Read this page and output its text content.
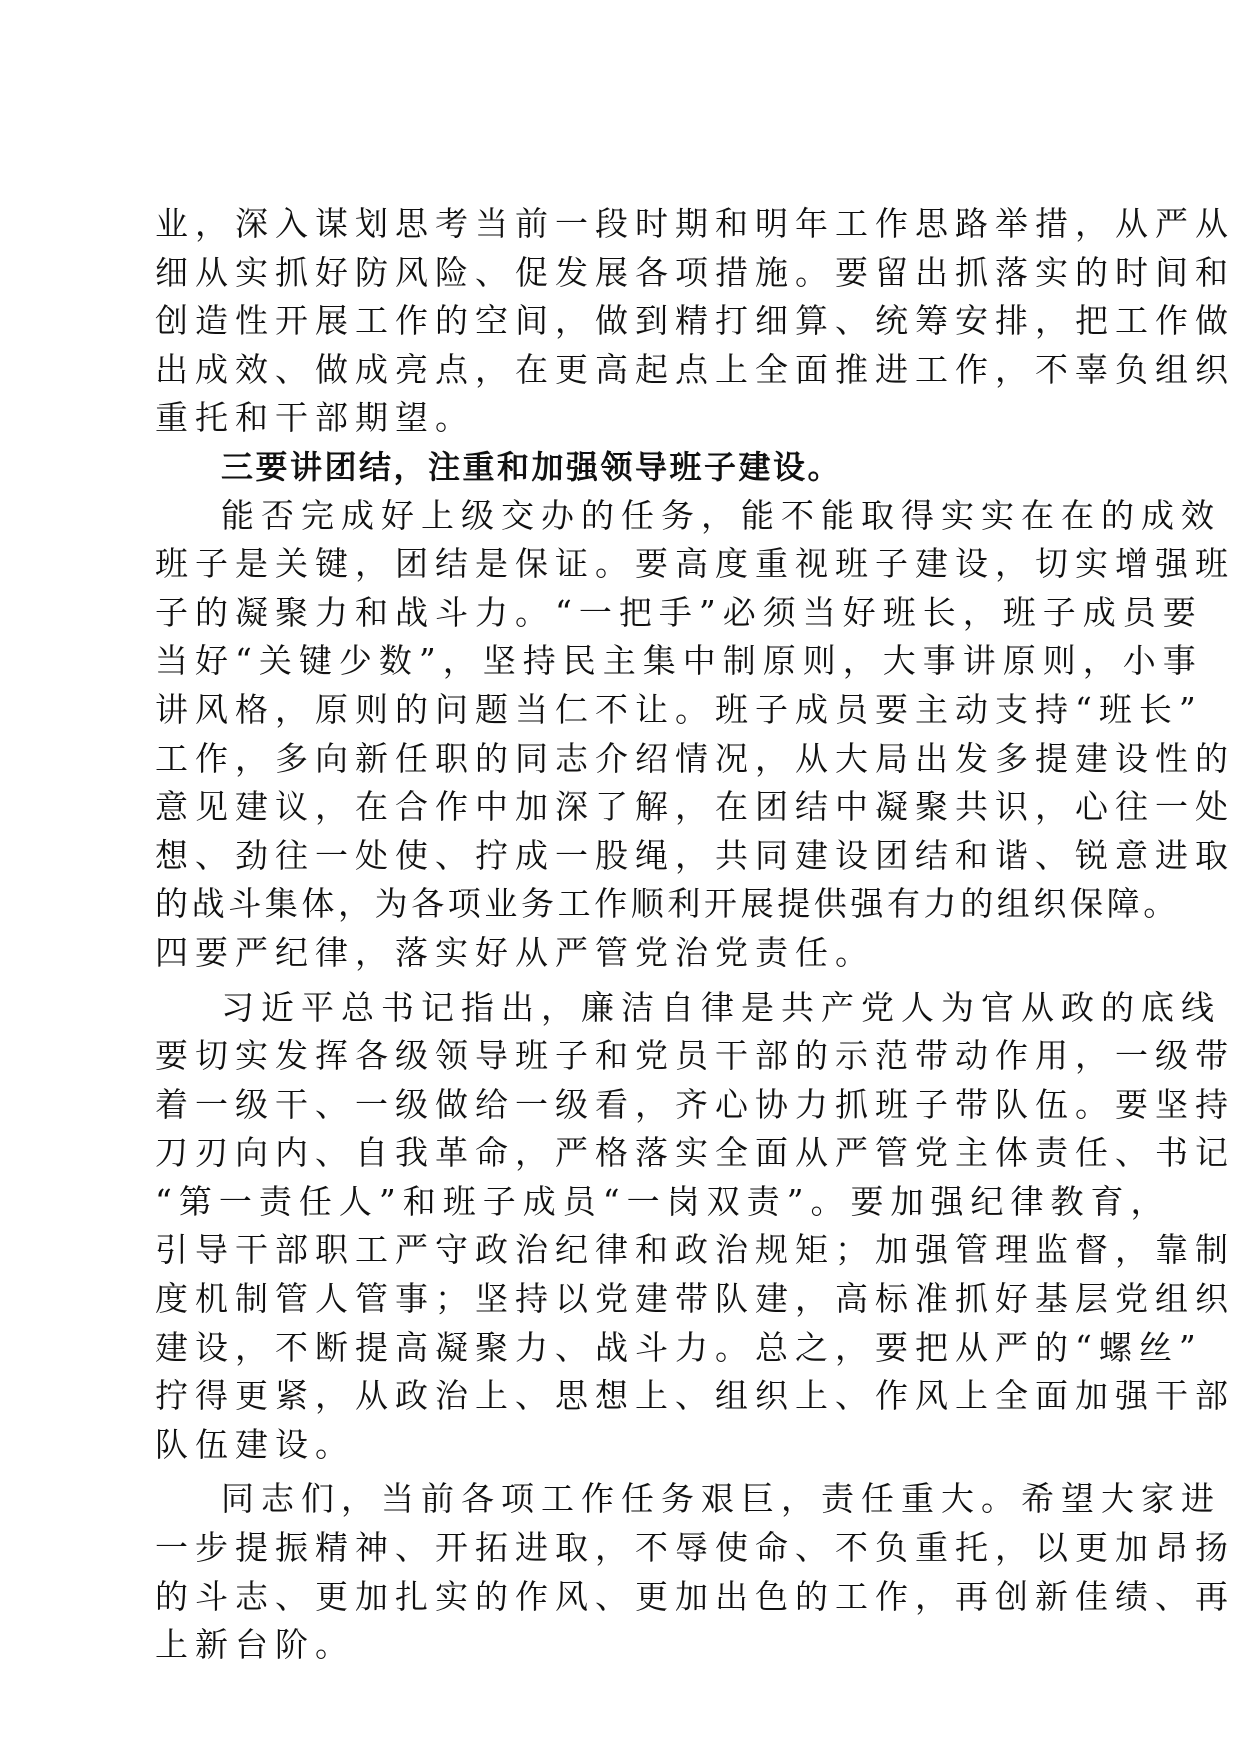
业，深入谋划思考当前一段时期和明年工作思路举措，从严从
细从实抓好防风险、促发展各项措施。要留出抓落实的时间和
创造性开展工作的空间，做到精打细算、统筹安排，把工作做
出成效、做成亮点，在更高起点上全面推进工作，不辜负组织
重托和干部期望。
三要讲团结，注重和加强领导班子建设。
能否完成好上级交办的任务，能不能取得实实在在的成效
班子是关键，团结是保证。要高度重视班子建设，切实增强班
子的凝聚力和战斗力。“一把手”必须当好班长，班子成员要
当好“关键少数”，坚持民主集中制原则，大事讲原则，小事
讲风格，原则的问题当仁不让。班子成员要主动支持“班长”
工作，多向新任职的同志介绍情况，从大局出发多提建设性的
意见建议，在合作中加深了解，在团结中凝聚共识，心往一处
想、劲往一处使、拧成一股绳，共同建设团结和谐、锐意进取
的战斗集体，为各项业务工作顺利开展提供强有力的组织保障。
四要严纪律，落实好从严管党治党责任。
习近平总书记指出，廉洁自律是共产党人为官从政的底线
要切实发挥各级领导班子和党员干部的示范带动作用，一级带
着一级干、一级做给一级看，齐心协力抓班子带队伍。要坚持
刀刃向内、自我革命，严格落实全面从严管党主体责任、书记
“第一责任人”和班子成员“一岗双责”。要加强纪律教育，
引导干部职工严守政治纪律和政治规矩；加强管理监督，靠制
度机制管人管事；坚持以党建带队建，高标准抓好基层党组织
建设，不断提高凝聚力、战斗力。总之，要把从严的“螺丝”
拧得更紧，从政治上、思想上、组织上、作风上全面加强干部
队伍建设。
同志们，当前各项工作任务艰巨，责任重大。希望大家进
一步提振精神、开拓进取，不辱使命、不负重托，以更加昂扬
的斗志、更加扎实的作风、更加出色的工作，再创新佳绩、再
上新台阶。
